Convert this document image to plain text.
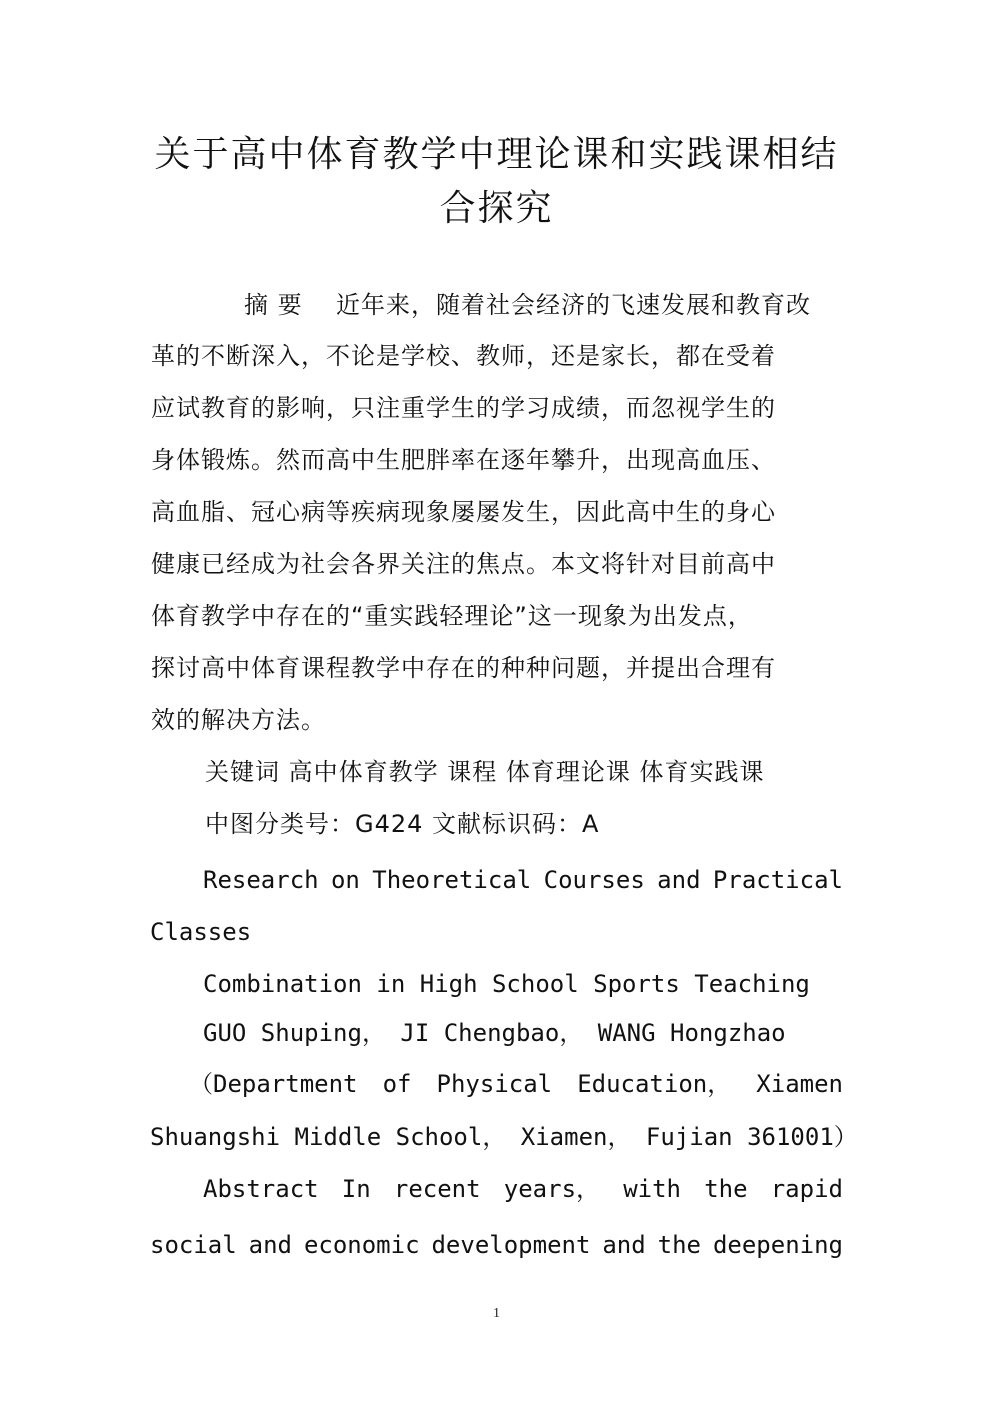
关于高中体育教学中理论课和实践课相结
合探究
摘 要 近年来，随着社会经济的飞速发展和教育改
革的不断深入，不论是学校、教师，还是家长，都在受着
应试教育的影响，只注重学生的学习成绩，而忽视学生的
身体锻炼。然而高中生肥胖率在逐年攀升，出现高血压、
高血脂、冠心病等疾病现象屡屡发生，因此高中生的身心
健康已经成为社会各界关注的焦点。本文将针对目前高中
体育教学中存在的“重实践轻理论”这一现象为出发点，
探讨高中体育课程教学中存在的种种问题，并提出合理有
效的解决方法。
关键词 高中体育教学 课程 体育理论课 体育实践课
中图分类号：G424 文献标识码：A
Research on Theoretical Courses and Practical
Classes
Combination in High School Sports Teaching
GUO Shuping， JI Chengbao， WANG Hongzhao
（Department of Physical Education， Xiamen
Shuangshi Middle School， Xiamen， Fujian 361001）
Abstract In recent years， with the rapid
social and economic development and the deepening
1
